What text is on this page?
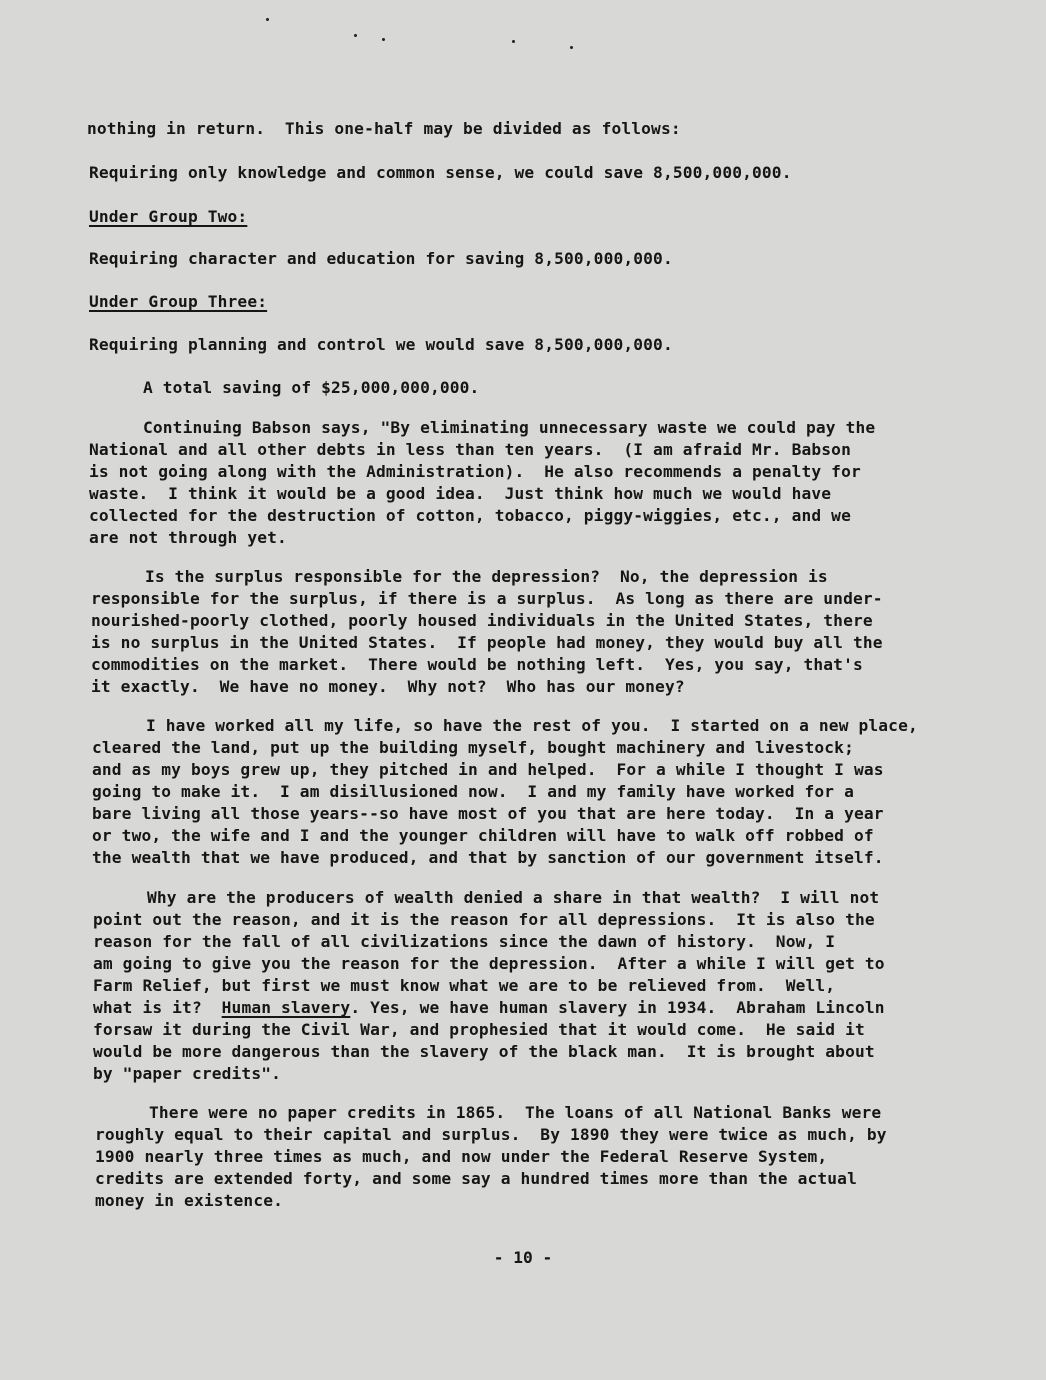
nothing in return.  This one-half may be divided as follows:
Requiring only knowledge and common sense, we could save 8,500,000,000.
Under Group Two:
Requiring character and education for saving 8,500,000,000.
Under Group Three:
Requiring planning and control we would save 8,500,000,000.
A total saving of $25,000,000,000.
Continuing Babson says, "By eliminating unnecessary waste we could pay the
National and all other debts in less than ten years.  (I am afraid Mr. Babson
is not going along with the Administration).  He also recommends a penalty for
waste.  I think it would be a good idea.  Just think how much we would have
collected for the destruction of cotton, tobacco, piggy-wiggies, etc., and we
are not through yet.
Is the surplus responsible for the depression?  No, the depression is
responsible for the surplus, if there is a surplus.  As long as there are under-
nourished-poorly clothed, poorly housed individuals in the United States, there
is no surplus in the United States.  If people had money, they would buy all the
commodities on the market.  There would be nothing left.  Yes, you say, that's
it exactly.  We have no money.  Why not?  Who has our money?
I have worked all my life, so have the rest of you.  I started on a new place,
cleared the land, put up the building myself, bought machinery and livestock;
and as my boys grew up, they pitched in and helped.  For a while I thought I was
going to make it.  I am disillusioned now.  I and my family have worked for a
bare living all those years--so have most of you that are here today.  In a year
or two, the wife and I and the younger children will have to walk off robbed of
the wealth that we have produced, and that by sanction of our government itself.
Why are the producers of wealth denied a share in that wealth?  I will not
point out the reason, and it is the reason for all depressions.  It is also the
reason for the fall of all civilizations since the dawn of history.  Now, I
am going to give you the reason for the depression.  After a while I will get to
Farm Relief, but first we must know what we are to be relieved from.  Well,
what is it?  Human slavery. Yes, we have human slavery in 1934.  Abraham Lincoln
forsaw it during the Civil War, and prophesied that it would come.  He said it
would be more dangerous than the slavery of the black man.  It is brought about
by "paper credits".
There were no paper credits in 1865.  The loans of all National Banks were
roughly equal to their capital and surplus.  By 1890 they were twice as much, by
1900 nearly three times as much, and now under the Federal Reserve System,
credits are extended forty, and some say a hundred times more than the actual
money in existence.
- 10 -
